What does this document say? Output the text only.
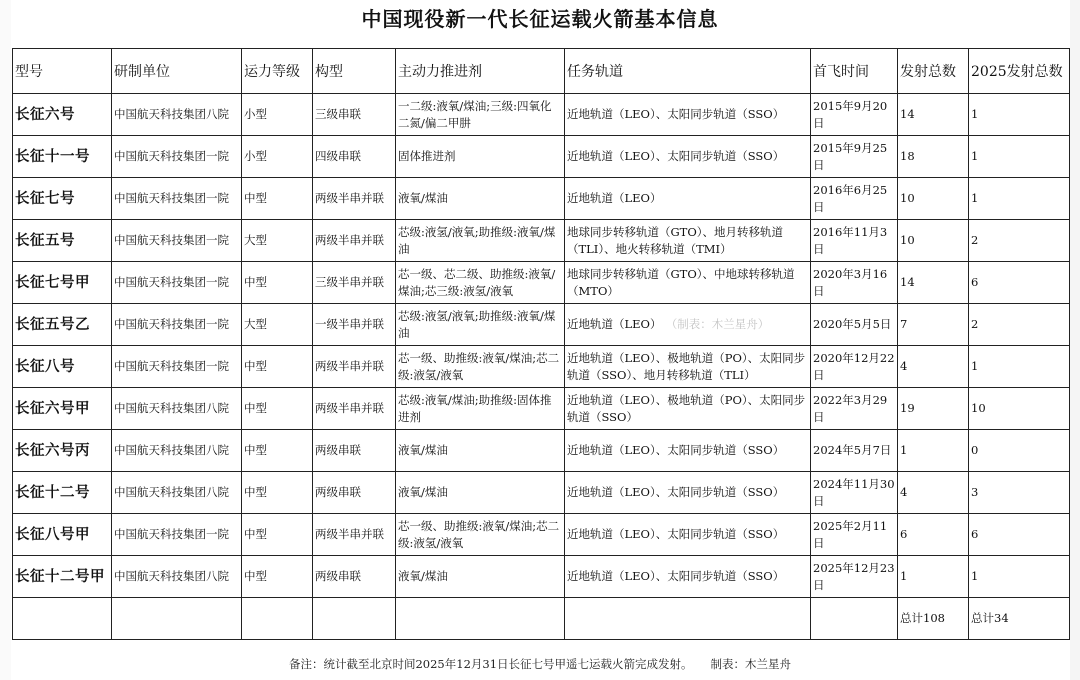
中国现役新一代长征运载火箭基本信息
型号	研制单位	运力等级	构型	主动力推进剂	任务轨道	首飞时间	发射总数	2025发射总数
长征六号	中国航天科技集团八院	小型	三级串联	一二级:液氧/煤油;三级:四氧化二氮/偏二甲肼	近地轨道（LEO）、太阳同步轨道（SSO）	2015年9月20日	14	1
长征十一号	中国航天科技集团一院	小型	四级串联	固体推进剂	近地轨道（LEO）、太阳同步轨道（SSO）	2015年9月25日	18	1
长征七号	中国航天科技集团一院	中型	两级半串并联	液氧/煤油	近地轨道（LEO）	2016年6月25日	10	1
长征五号	中国航天科技集团一院	大型	两级半串并联	芯级:液氢/液氧;助推级:液氧/煤油	地球同步转移轨道（GTO）、地月转移轨道（TLI）、地火转移轨道（TMI）	2016年11月3日	10	2
长征七号甲	中国航天科技集团一院	中型	三级半串并联	芯一级、芯二级、助推级:液氧/煤油;芯三级:液氢/液氧	地球同步转移轨道（GTO）、中地球转移轨道（MTO）	2020年3月16日	14	6
长征五号乙	中国航天科技集团一院	大型	一级半串并联	芯级:液氢/液氧;助推级:液氧/煤油	近地轨道（LEO） （制表：木兰星舟）	2020年5月5日	7	2
长征八号	中国航天科技集团一院	中型	两级半串并联	芯一级、助推级:液氧/煤油;芯二级:液氢/液氧	近地轨道（LEO）、极地轨道（PO）、太阳同步轨道（SSO）、地月转移轨道（TLI）	2020年12月22日	4	1
长征六号甲	中国航天科技集团八院	中型	两级半串并联	芯级:液氧/煤油;助推级:固体推进剂	近地轨道（LEO）、极地轨道（PO）、太阳同步轨道（SSO）	2022年3月29日	19	10
长征六号丙	中国航天科技集团八院	中型	两级串联	液氧/煤油	近地轨道（LEO）、太阳同步轨道（SSO）	2024年5月7日	1	0
长征十二号	中国航天科技集团八院	中型	两级串联	液氧/煤油	近地轨道（LEO）、太阳同步轨道（SSO）	2024年11月30日	4	3
长征八号甲	中国航天科技集团一院	中型	两级半串并联	芯一级、助推级:液氧/煤油;芯二级:液氢/液氧	近地轨道（LEO）、太阳同步轨道（SSO）	2025年2月11日	6	6
长征十二号甲	中国航天科技集团八院	中型	两级串联	液氧/煤油	近地轨道（LEO）、太阳同步轨道（SSO）	2025年12月23日	1	1
							总计108	总计34
备注：统计截至北京时间2025年12月31日长征七号甲遥七运载火箭完成发射。 制表：木兰星舟
